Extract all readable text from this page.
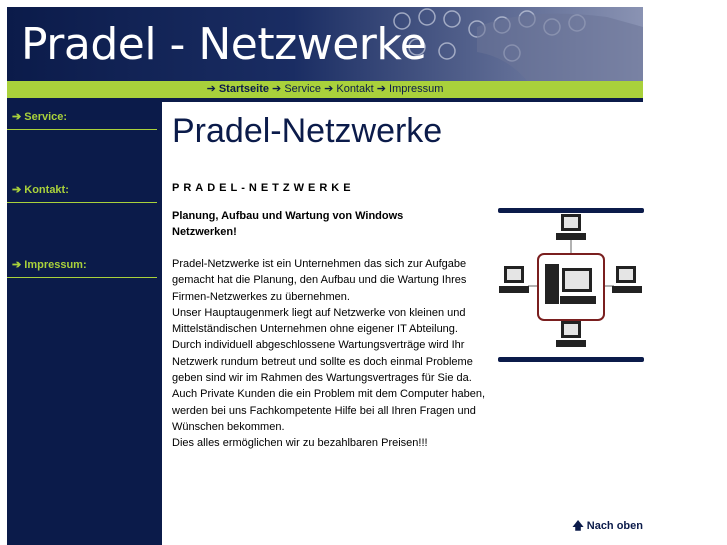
Pradel - Netzwerke
➔ Startseite ➔ Service ➔ Kontakt ➔ Impressum
➔ Service:
➔ Kontakt:
➔ Impressum:
Pradel-Netzwerke
PRADEL-NETZWERKE
Planung, Aufbau und Wartung von Windows Netzwerken!

Pradel-Netzwerke ist ein Unternehmen das sich zur Aufgabe gemacht hat die Planung, den Aufbau und die Wartung Ihres Firmen-Netzwerkes zu übernehmen.

Unser Hauptaugenmerk liegt auf Netzwerke von kleinen und Mittelständischen Unternehmen ohne eigener IT Abteilung.

Durch individuell abgeschlossene Wartungsverträge wird Ihr Netzwerk rundum betreut und sollte es doch einmal Probleme geben sind wir im Rahmen des Wartungsvertrages für Sie da.

Auch Private Kunden die ein Problem mit dem Computer haben, werden bei uns Fachkompetente Hilfe bei all Ihren Fragen und Wünschen bekommen.

Dies alles ermöglichen wir zu bezahlbaren Preisen!!!

🡅 Nach oben
